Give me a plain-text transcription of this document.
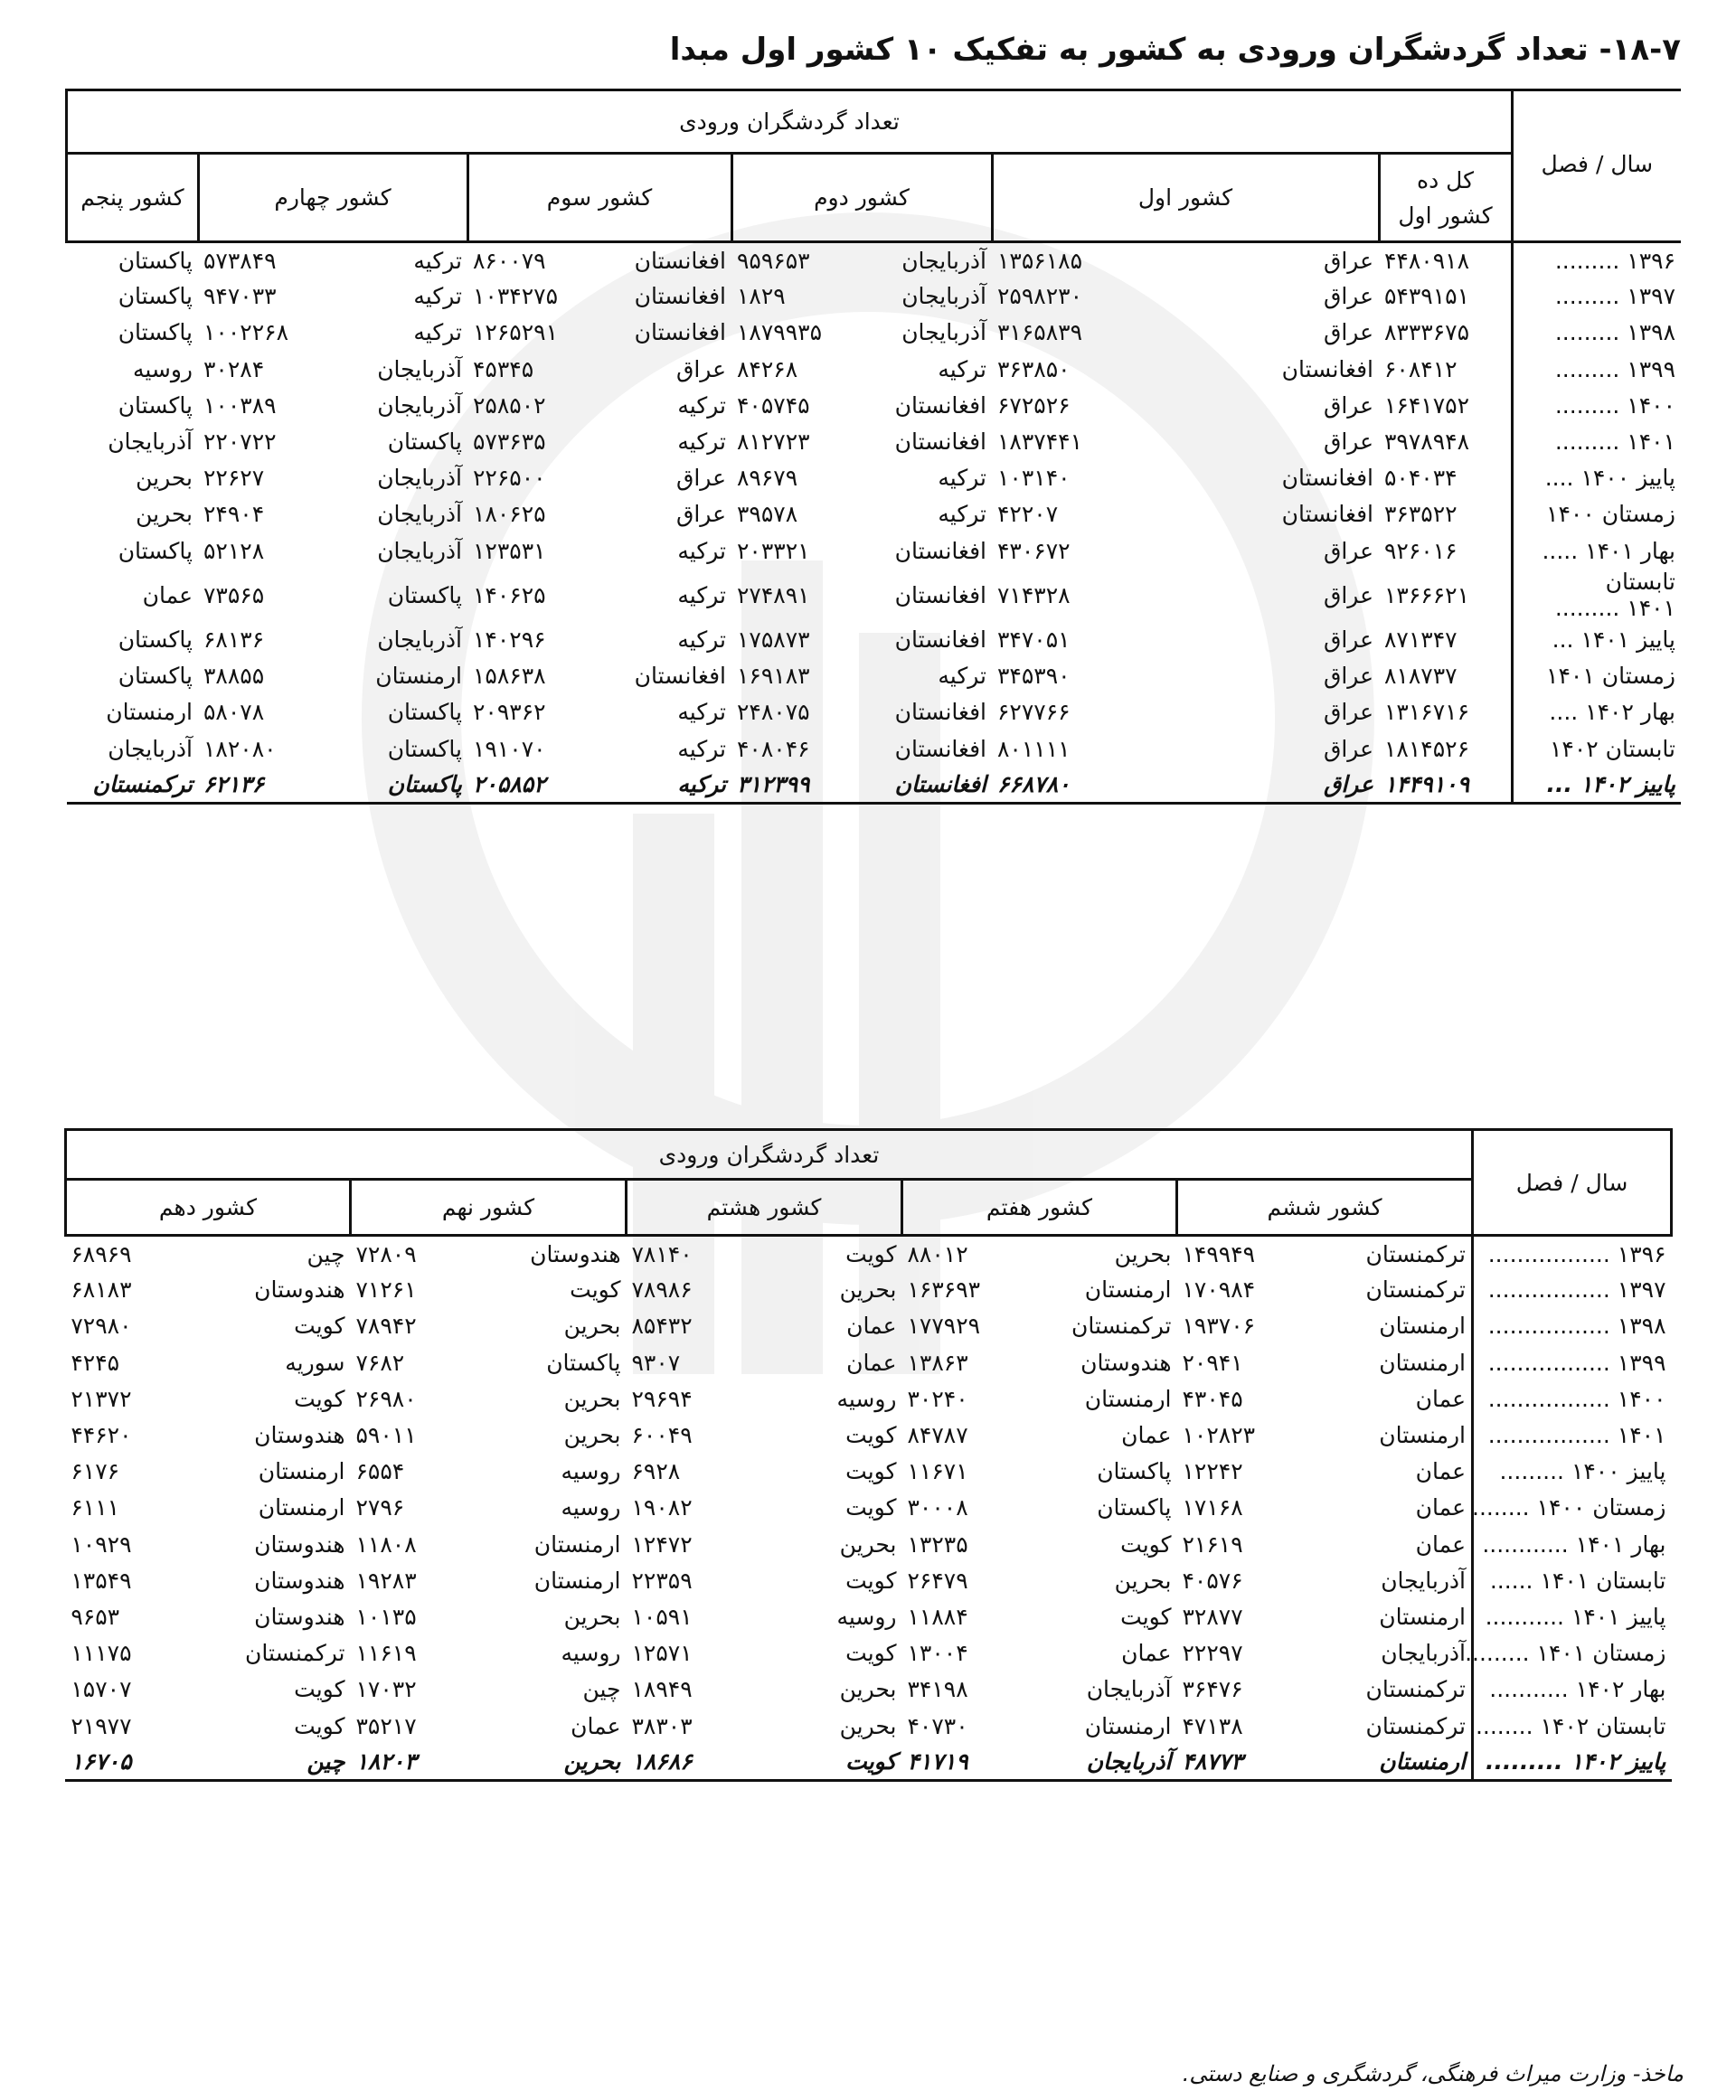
۱۸-۷- تعداد گردشگران ورودی به کشور به تفکیک ۱۰ کشور اول مبدا
سال / فصل	تعداد گردشگران ورودی										

	کل ده
کشور اول	کشور اول		کشور دوم		کشور سوم		کشور چهارم		کشور پنجم	

۱۳۹۶ .........	۴۴۸۰۹۱۸	عراق	۱۳۵۶۱۸۵	آذربایجان	۹۵۹۶۵۳	افغانستان	۸۶۰۰۷۹	ترکیه	۵۷۳۸۴۹	پاکستان	

۱۳۹۷ .........	۵۴۳۹۱۵۱	عراق	۲۵۹۸۲۳۰	آذربایجان	۱۸۲۹	افغانستان	۱۰۳۴۲۷۵	ترکیه	۹۴۷۰۳۳	پاکستان	

۱۳۹۸ .........	۸۳۳۳۶۷۵	عراق	۳۱۶۵۸۳۹	آذربایجان	۱۸۷۹۹۳۵	افغانستان	۱۲۶۵۲۹۱	ترکیه	۱۰۰۲۲۶۸	پاکستان	

۱۳۹۹ .........	۶۰۸۴۱۲	افغانستان	۳۶۳۸۵۰	ترکیه	۸۴۲۶۸	عراق	۴۵۳۴۵	آذربایجان	۳۰۲۸۴	روسیه	

۱۴۰۰ .........	۱۶۴۱۷۵۲	عراق	۶۷۲۵۲۶	افغانستان	۴۰۵۷۴۵	ترکیه	۲۵۸۵۰۲	آذربایجان	۱۰۰۳۸۹	پاکستان	

۱۴۰۱ .........	۳۹۷۸۹۴۸	عراق	۱۸۳۷۴۴۱	افغانستان	۸۱۲۷۲۳	ترکیه	۵۷۳۶۳۵	پاکستان	۲۲۰۷۲۲	آذربایجان	

پاییز ۱۴۰۰ ....	۵۰۴۰۳۴	افغانستان	۱۰۳۱۴۰	ترکیه	۸۹۶۷۹	عراق	۲۲۶۵۰۰	آذربایجان	۲۲۶۲۷	بحرین	

زمستان ۱۴۰۰	۳۶۳۵۲۲	افغانستان	۴۲۲۰۷	ترکیه	۳۹۵۷۸	عراق	۱۸۰۶۲۵	آذربایجان	۲۴۹۰۴	بحرین	

بهار ۱۴۰۱ .....	۹۲۶۰۱۶	عراق	۴۳۰۶۷۲	افغانستان	۲۰۳۳۲۱	ترکیه	۱۲۳۵۳۱	آذربایجان	۵۲۱۲۸	پاکستان	

تابستان
۱۴۰۱ .........	۱۳۶۶۶۲۱	عراق	۷۱۴۳۲۸	افغانستان	۲۷۴۸۹۱	ترکیه	۱۴۰۶۲۵	پاکستان	۷۳۵۶۵	عمان	

پاییز ۱۴۰۱ ...	۸۷۱۳۴۷	عراق	۳۴۷۰۵۱	افغانستان	۱۷۵۸۷۳	ترکیه	۱۴۰۲۹۶	آذربایجان	۶۸۱۳۶	پاکستان	

زمستان ۱۴۰۱	۸۱۸۷۳۷	عراق	۳۴۵۳۹۰	ترکیه	۱۶۹۱۸۳	افغانستان	۱۵۸۶۳۸	ارمنستان	۳۸۸۵۵	پاکستان	

بهار ۱۴۰۲ ....	۱۳۱۶۷۱۶	عراق	۶۲۷۷۶۶	افغانستان	۲۴۸۰۷۵	ترکیه	۲۰۹۳۶۲	پاکستان	۵۸۰۷۸	ارمنستان	

تابستان ۱۴۰۲	۱۸۱۴۵۲۶	عراق	۸۰۱۱۱۱	افغانستان	۴۰۸۰۴۶	ترکیه	۱۹۱۰۷۰	پاکستان	۱۸۲۰۸۰	آذربایجان	

پاییز ۱۴۰۲ ...	۱۴۴۹۱۰۹	عراق	۶۶۸۷۸۰	افغانستان	۳۱۲۳۹۹	ترکیه	۲۰۵۸۵۲	پاکستان	۶۲۱۳۶	ترکمنستان	
سال / فصل	تعداد گردشگران ورودی									
	کشور ششم		کشور هفتم		کشور هشتم		کشور نهم		کشور دهم	

۱۳۹۶ .................	ترکمنستان	۱۴۹۹۴۹	بحرین	۸۸۰۱۲	کویت	۷۸۱۴۰	هندوستان	۷۲۸۰۹	چین	۶۸۹۶۹

۱۳۹۷ .................	ترکمنستان	۱۷۰۹۸۴	ارمنستان	۱۶۳۶۹۳	بحرین	۷۸۹۸۶	کویت	۷۱۲۶۱	هندوستان	۶۸۱۸۳

۱۳۹۸ .................	ارمنستان	۱۹۳۷۰۶	ترکمنستان	۱۷۷۹۲۹	عمان	۸۵۴۳۲	بحرین	۷۸۹۴۲	کویت	۷۲۹۸۰

۱۳۹۹ .................	ارمنستان	۲۰۹۴۱	هندوستان	۱۳۸۶۳	عمان	۹۳۰۷	پاکستان	۷۶۸۲	سوریه	۴۲۴۵

۱۴۰۰ .................	عمان	۴۳۰۴۵	ارمنستان	۳۰۲۴۰	روسیه	۲۹۶۹۴	بحرین	۲۶۹۸۰	کویت	۲۱۳۷۲

۱۴۰۱ .................	ارمنستان	۱۰۲۸۲۳	عمان	۸۴۷۸۷	کویت	۶۰۰۴۹	بحرین	۵۹۰۱۱	هندوستان	۴۴۶۲۰

پاییز ۱۴۰۰ .........	عمان	۱۲۲۴۲	پاکستان	۱۱۶۷۱	کویت	۶۹۲۸	روسیه	۶۵۵۴	ارمنستان	۶۱۷۶

زمستان ۱۴۰۰ ........	عمان	۱۷۱۶۸	پاکستان	۳۰۰۰۸	کویت	۱۹۰۸۲	روسیه	۲۷۹۶	ارمنستان	۶۱۱۱

بهار ۱۴۰۱ ............	عمان	۲۱۶۱۹	کویت	۱۳۲۳۵	بحرین	۱۲۴۷۲	ارمنستان	۱۱۸۰۸	هندوستان	۱۰۹۲۹

تابستان ۱۴۰۱ ......	آذربایجان	۴۰۵۷۶	بحرین	۲۶۴۷۹	کویت	۲۲۳۵۹	ارمنستان	۱۹۲۸۳	هندوستان	۱۳۵۴۹

پاییز ۱۴۰۱ ...........	ارمنستان	۳۲۸۷۷	کویت	۱۱۸۸۴	روسیه	۱۰۵۹۱	بحرین	۱۰۱۳۵	هندوستان	۹۶۵۳

زمستان ۱۴۰۱ .........	آذربایجان	۲۲۲۹۷	عمان	۱۳۰۰۴	کویت	۱۲۵۷۱	روسیه	۱۱۶۱۹	ترکمنستان	۱۱۱۷۵

بهار ۱۴۰۲ ...........	ترکمنستان	۳۶۴۷۶	آذربایجان	۳۴۱۹۸	بحرین	۱۸۹۴۹	چین	۱۷۰۳۲	کویت	۱۵۷۰۷

تابستان ۱۴۰۲ ........	ترکمنستان	۴۷۱۳۸	ارمنستان	۴۰۷۳۰	بحرین	۳۸۳۰۳	عمان	۳۵۲۱۷	کویت	۲۱۹۷۷

پاییز ۱۴۰۲ .........	ارمنستان	۴۸۷۷۳	آذربایجان	۴۱۷۱۹	کویت	۱۸۶۸۶	بحرین	۱۸۲۰۳	چین	۱۶۷۰۵
ماخذ- وزارت میراث فرهنگی، گردشگری و صنایع دستی.
